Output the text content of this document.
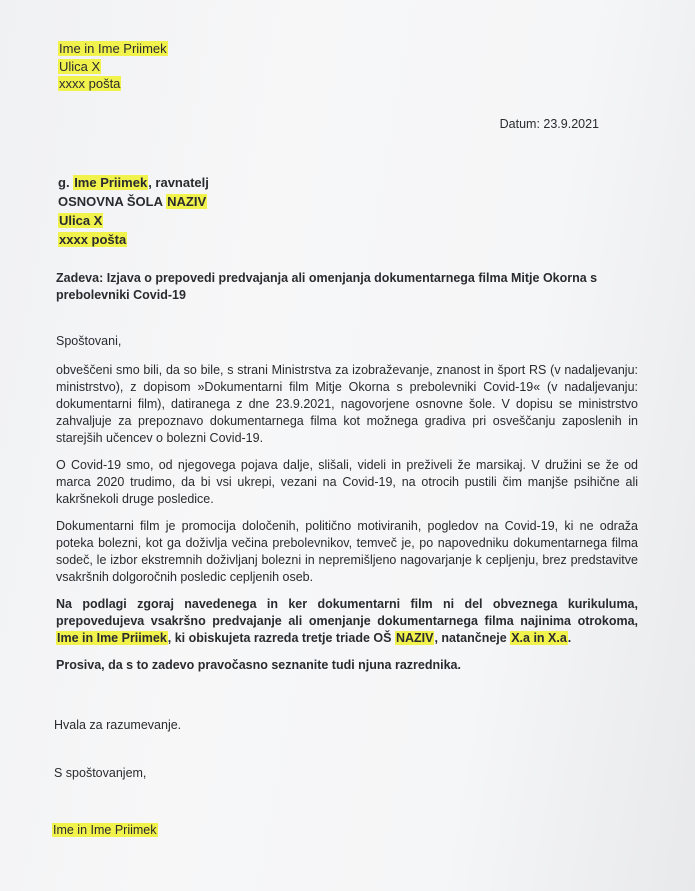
Ime in Ime Priimek
Ulica X
xxxx pošta
Datum: 23.9.2021
g. Ime Priimek, ravnatelj
OSNOVNA ŠOLA NAZIV
Ulica X
xxxx pošta
Zadeva: Izjava o prepovedi predvajanja ali omenjanja dokumentarnega filma Mitje Okorna s prebolevniki Covid-19

Spoštovani,

obveščeni smo bili, da so bile, s strani Ministrstva za izobraževanje, znanost in šport RS (v nadaljevanju: ministrstvo), z dopisom »Dokumentarni film Mitje Okorna s prebolevniki Covid-19« (v nadaljevanju: dokumentarni film), datiranega z dne 23.9.2021, nagovorjene osnovne šole. V dopisu se ministrstvo zahvaljuje za prepoznavo dokumentarnega filma kot možnega gradiva pri osveščanju zaposlenih in starejših učencev o bolezni Covid-19.

O Covid-19 smo, od njegovega pojava dalje, slišali, videli in preživeli že marsikaj. V družini se že od marca 2020 trudimo, da bi vsi ukrepi, vezani na Covid-19, na otrocih pustili čim manjše psihične ali kakršnekoli druge posledice.

Dokumentarni film je promocija določenih, politično motiviranih, pogledov na Covid-19, ki ne odraža poteka bolezni, kot ga doživlja večina prebolevnikov, temveč je, po napovedniku dokumentarnega filma sodeč, le izbor ekstremnih doživljanj bolezni in nepremišljeno nagovarjanje k cepljenju, brez predstavitve vsakršnih dolgoročnih posledic cepljenih oseb.

Na podlagi zgoraj navedenega in ker dokumentarni film ni del obveznega kurikuluma, prepovedujeva vsakršno predvajanje ali omenjanje dokumentarnega filma najinima otrokoma, Ime in Ime Priimek, ki obiskujeta razreda tretje triade OŠ NAZIV, natančneje X.a in X.a.

Prosiva, da s to zadevo pravočasno seznanite tudi njuna razrednika.

Hvala za razumevanje.
S spoštovanjem,
Ime in Ime Priimek
